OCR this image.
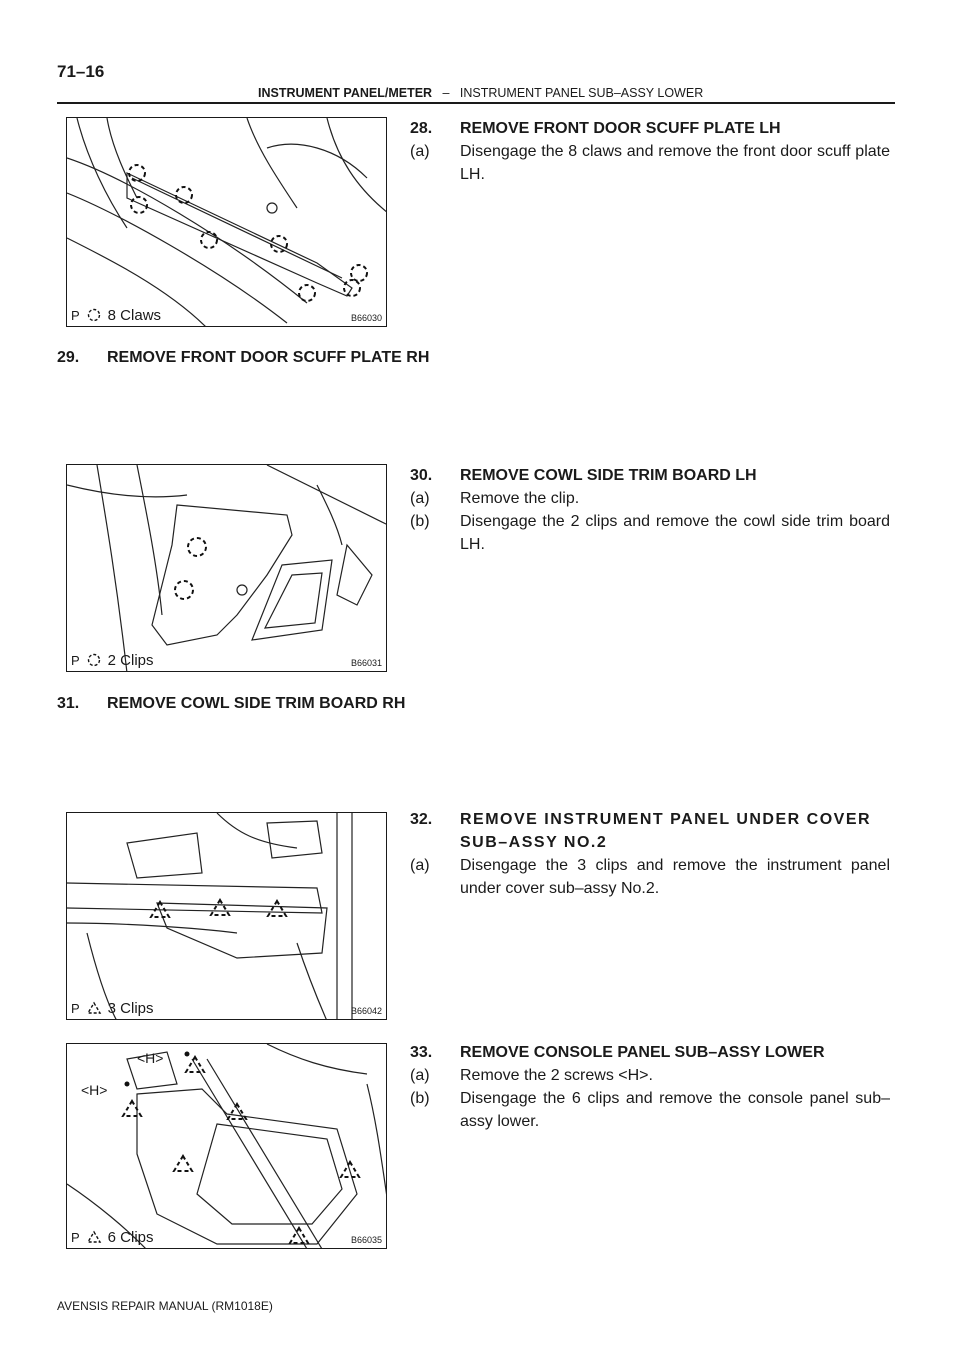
71–16
INSTRUMENT PANEL/METER – INSTRUMENT PANEL SUB–ASSY LOWER
P 8 Claws	B66030
P 2 Clips	B66031
P 3 Clips	B66042
<H>
<H>
P 6 Clips	B66035
28. REMOVE FRONT DOOR SCUFF PLATE LH
(a)	Disengage the 8 claws and remove the front door scuff plate LH.
29. REMOVE FRONT DOOR SCUFF PLATE RH
30. REMOVE COWL SIDE TRIM BOARD LH
(a)	Remove the clip.
(b)	Disengage the 2 clips and remove the cowl side trim board LH.
31. REMOVE COWL SIDE TRIM BOARD RH
32.	REMOVE INSTRUMENT PANEL UNDER COVER SUB–ASSY NO.2
(a)	Disengage the 3 clips and remove the instrument panel under cover sub–assy No.2.
33. REMOVE CONSOLE PANEL SUB–ASSY LOWER
(a)	Remove the 2 screws <H>.
(b)	Disengage the 6 clips and remove the console panel sub–assy lower.
AVENSIS REPAIR MANUAL (RM1018E)
